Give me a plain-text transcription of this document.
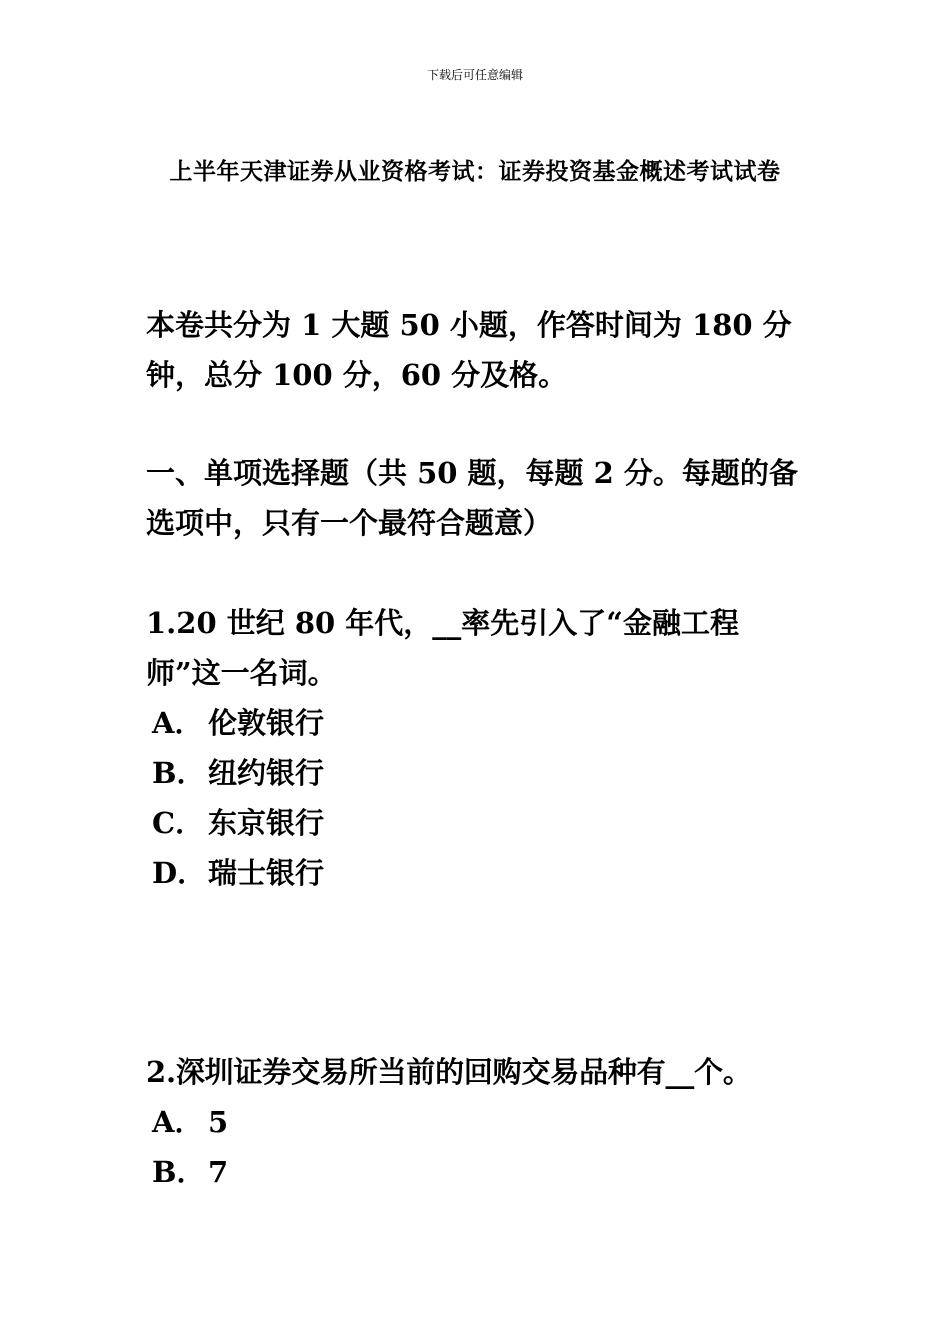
下载后可任意编辑
上半年天津证券从业资格考试：证券投资基金概述考试试卷
本卷共分为 1 大题 50 小题，作答时间为 180 分钟，总分 100 分，60 分及格。
一、单项选择题（共 50 题，每题 2 分。每题的备选项中，只有一个最符合题意）
1.20 世纪 80 年代，__率先引入了“金融工程师”这一名词。
A． 伦敦银行
B．纽约银行
C． 东京银行
D．瑞士银行
2.深圳证券交易所当前的回购交易品种有__个。
A． 5
B．7
